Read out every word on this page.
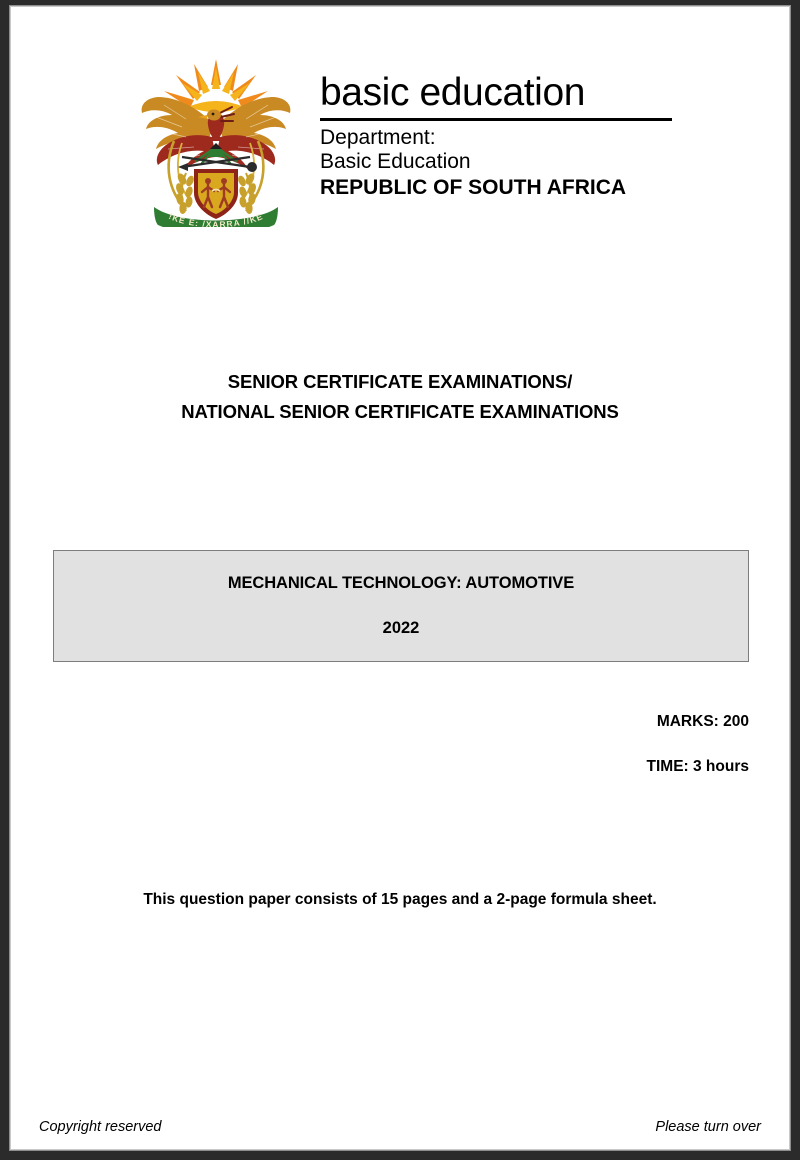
!KE E: /XARRA //KE
basic education
Department:
Basic Education
REPUBLIC OF SOUTH AFRICA
SENIOR CERTIFICATE EXAMINATIONS/
NATIONAL SENIOR CERTIFICATE EXAMINATIONS
MECHANICAL TECHNOLOGY: AUTOMOTIVE
2022
MARKS: 200
TIME: 3 hours
This question paper consists of 15 pages and a 2-page formula sheet.
Copyright reserved	Please turn over
